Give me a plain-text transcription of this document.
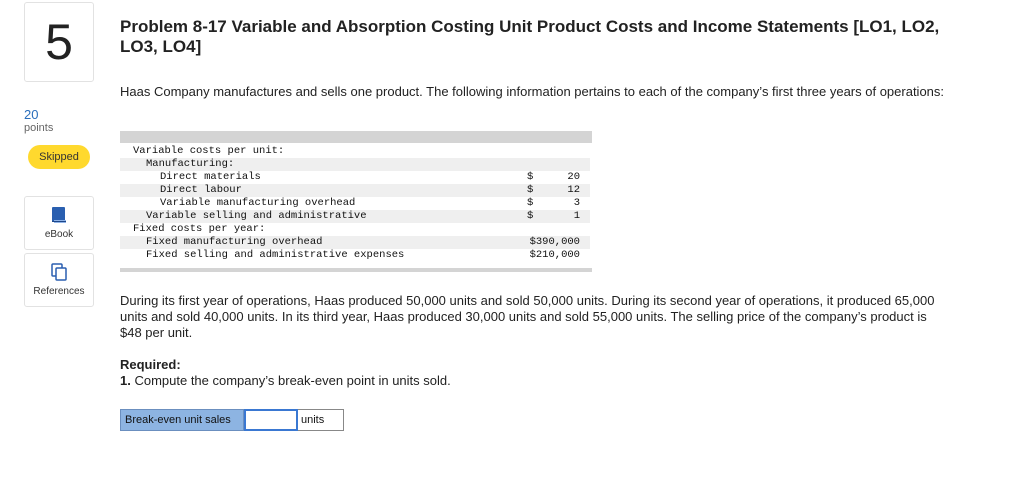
5
20
points
Skipped
eBook
References
Problem 8-17 Variable and Absorption Costing Unit Product Costs and Income Statements [LO1, LO2, LO3, LO4]
Haas Company manufactures and sells one product. The following information pertains to each of the company’s first three years of operations:
Variable costs per unit:
Manufacturing:
Direct materials	$	20
Direct labour	$	12
Variable manufacturing overhead	$	3
Variable selling and administrative	$	1
Fixed costs per year:
Fixed manufacturing overhead	$390,000
Fixed selling and administrative expenses	$210,000
During its first year of operations, Haas produced 50,000 units and sold 50,000 units. During its second year of operations, it produced 65,000 units and sold 40,000 units. In its third year, Haas produced 30,000 units and sold 55,000 units. The selling price of the company’s product is $48 per unit.
Required:
1. Compute the company’s break-even point in units sold.
Break-even unit sales	units
